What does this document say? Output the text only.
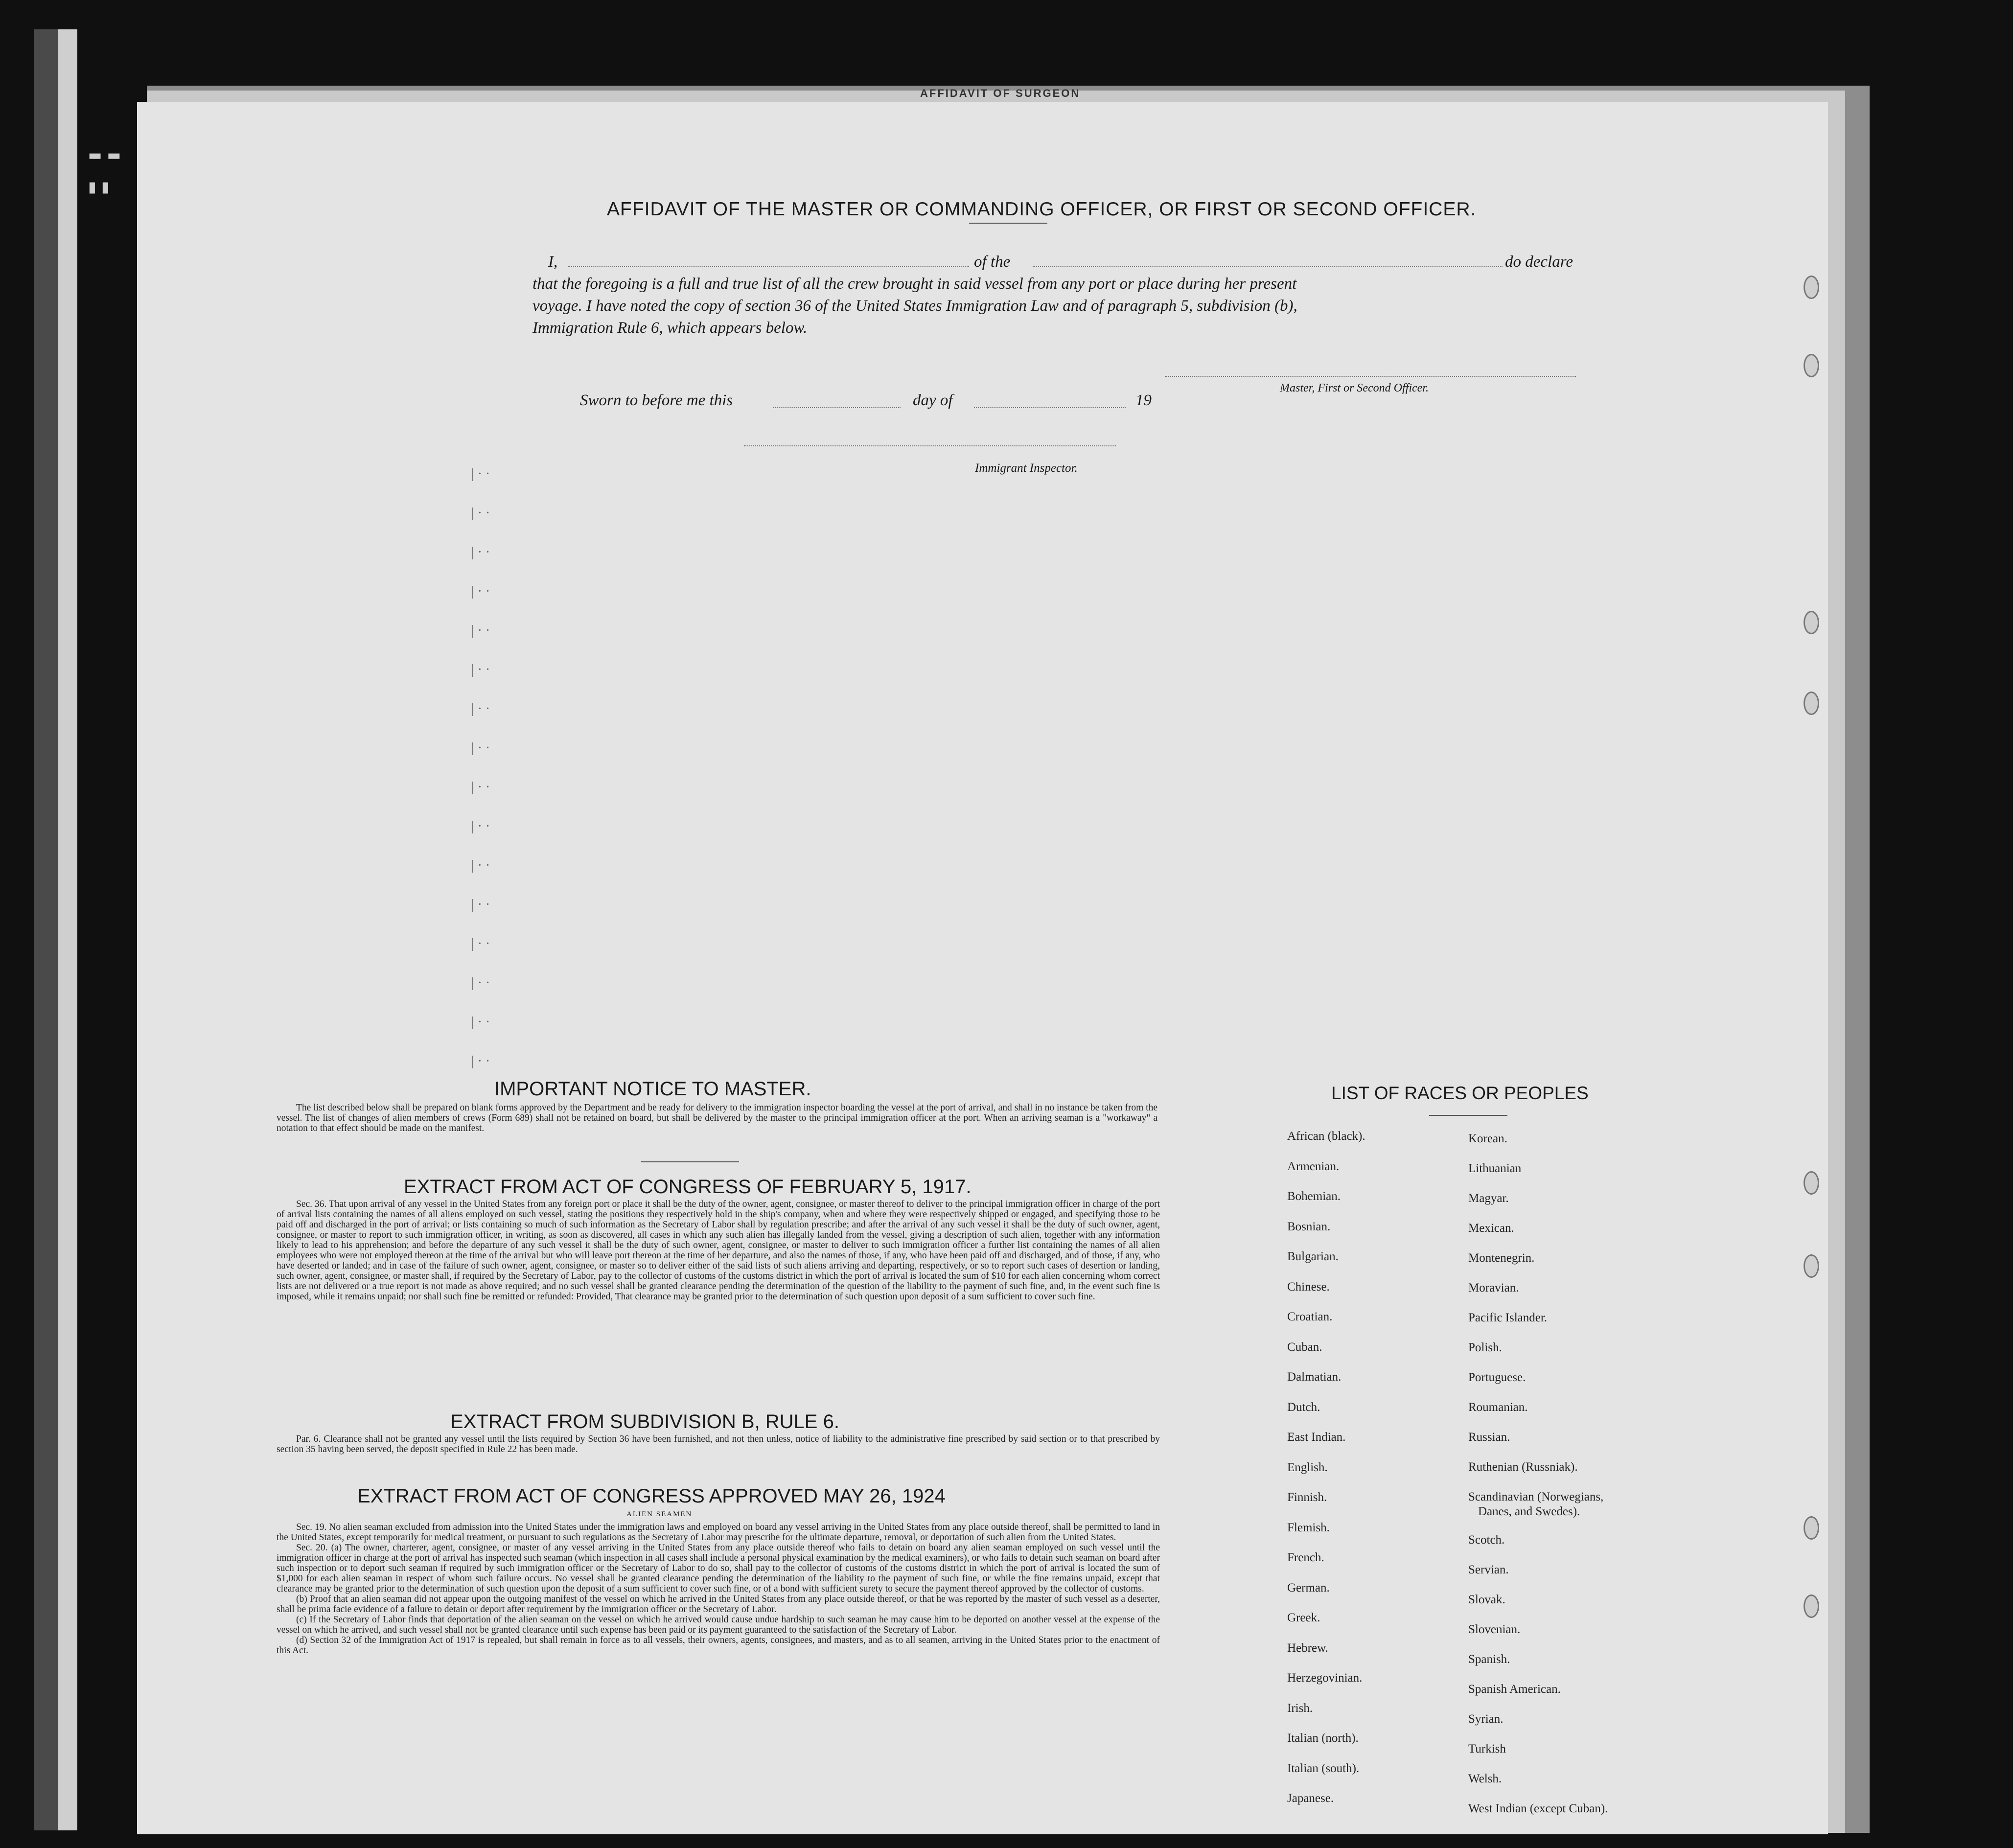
AFFIDAVIT OF SURGEON
▬ ▬
▮ ▮
AFFIDAVIT OF THE MASTER OR COMMANDING OFFICER, OR FIRST OR SECOND OFFICER.
I,	of the	do declare
that the foregoing is a full and true list of all the crew brought in said vessel from any port or place during her present
voyage. I have noted the copy of section 36 of the United States Immigration Law and of paragraph 5, subdivision (b),
Immigration Rule 6, which appears below.
Master, First or Second Officer.
Sworn to before me this	day of	19
Immigrant Inspector.
| · ·
| · ·
| · ·
| · ·
| · ·
| · ·
| · ·
| · ·
| · ·
| · ·
| · ·
| · ·
| · ·
| · ·
| · ·
| · ·
IMPORTANT NOTICE TO MASTER.
The list described below shall be prepared on blank forms approved by the Department and be ready for delivery to the immigration inspector boarding the vessel at the port of arrival, and shall in no instance be taken from the vessel. The list of changes of alien members of crews (Form 689) shall not be retained on board, but shall be delivered by the master to the principal immigration officer at the port. When an arriving seaman is a "workaway" a notation to that effect should be made on the manifest.
EXTRACT FROM ACT OF CONGRESS OF FEBRUARY 5, 1917.
Sec. 36. That upon arrival of any vessel in the United States from any foreign port or place it shall be the duty of the owner, agent, consignee, or master thereof to deliver to the principal immigration officer in charge of the port of arrival lists containing the names of all aliens employed on such vessel, stating the positions they respectively hold in the ship's company, when and where they were respectively shipped or engaged, and specifying those to be paid off and discharged in the port of arrival; or lists containing so much of such information as the Secretary of Labor shall by regulation prescribe; and after the arrival of any such vessel it shall be the duty of such owner, agent, consignee, or master to report to such immigration officer, in writing, as soon as discovered, all cases in which any such alien has illegally landed from the vessel, giving a description of such alien, together with any information likely to lead to his apprehension; and before the departure of any such vessel it shall be the duty of such owner, agent, consignee, or master to deliver to such immigration officer a further list containing the names of all alien employees who were not employed thereon at the time of the arrival but who will leave port thereon at the time of her departure, and also the names of those, if any, who have been paid off and discharged, and of those, if any, who have deserted or landed; and in case of the failure of such owner, agent, consignee, or master so to deliver either of the said lists of such aliens arriving and departing, respectively, or so to report such cases of desertion or landing, such owner, agent, consignee, or master shall, if required by the Secretary of Labor, pay to the collector of customs of the customs district in which the port of arrival is located the sum of $10 for each alien concerning whom correct lists are not delivered or a true report is not made as above required; and no such vessel shall be granted clearance pending the determination of the question of the liability to the payment of such fine, and, in the event such fine is imposed, while it remains unpaid; nor shall such fine be remitted or refunded: Provided, That clearance may be granted prior to the determination of such question upon deposit of a sum sufficient to cover such fine.
EXTRACT FROM SUBDIVISION B, RULE 6.
Par. 6. Clearance shall not be granted any vessel until the lists required by Section 36 have been furnished, and not then unless, notice of liability to the administrative fine prescribed by said section or to that prescribed by section 35 having been served, the deposit specified in Rule 22 has been made.
EXTRACT FROM ACT OF CONGRESS APPROVED MAY 26, 1924
ALIEN SEAMEN
Sec. 19. No alien seaman excluded from admission into the United States under the immigration laws and employed on board any vessel arriving in the United States from any place outside thereof, shall be permitted to land in the United States, except temporarily for medical treatment, or pursuant to such regulations as the Secretary of Labor may prescribe for the ultimate departure, removal, or deportation of such alien from the United States.
Sec. 20. (a) The owner, charterer, agent, consignee, or master of any vessel arriving in the United States from any place outside thereof who fails to detain on board any alien seaman employed on such vessel until the immigration officer in charge at the port of arrival has inspected such seaman (which inspection in all cases shall include a personal physical examination by the medical examiners), or who fails to detain such seaman on board after such inspection or to deport such seaman if required by such immigration officer or the Secretary of Labor to do so, shall pay to the collector of customs of the customs district in which the port of arrival is located the sum of $1,000 for each alien seaman in respect of whom such failure occurs. No vessel shall be granted clearance pending the determination of the liability to the payment of such fine, or while the fine remains unpaid, except that clearance may be granted prior to the determination of such question upon the deposit of a sum sufficient to cover such fine, or of a bond with sufficient surety to secure the payment thereof approved by the collector of customs.
(b) Proof that an alien seaman did not appear upon the outgoing manifest of the vessel on which he arrived in the United States from any place outside thereof, or that he was reported by the master of such vessel as a deserter, shall be prima facie evidence of a failure to detain or deport after requirement by the immigration officer or the Secretary of Labor.
(c) If the Secretary of Labor finds that deportation of the alien seaman on the vessel on which he arrived would cause undue hardship to such seaman he may cause him to be deported on another vessel at the expense of the vessel on which he arrived, and such vessel shall not be granted clearance until such expense has been paid or its payment guaranteed to the satisfaction of the Secretary of Labor.
(d) Section 32 of the Immigration Act of 1917 is repealed, but shall remain in force as to all vessels, their owners, agents, consignees, and masters, and as to all seamen, arriving in the United States prior to the enactment of this Act.
LIST OF RACES OR PEOPLES
African (black).
Armenian.
Bohemian.
Bosnian.
Bulgarian.
Chinese.
Croatian.
Cuban.
Dalmatian.
Dutch.
East Indian.
English.
Finnish.
Flemish.
French.
German.
Greek.
Hebrew.
Herzegovinian.
Irish.
Italian (north).
Italian (south).
Japanese.
Korean.
Lithuanian
Magyar.
Mexican.
Montenegrin.
Moravian.
Pacific Islander.
Polish.
Portuguese.
Roumanian.
Russian.
Ruthenian (Russniak).
Scandinavian (Norwegians,
Danes, and Swedes).
Scotch.
Servian.
Slovak.
Slovenian.
Spanish.
Spanish American.
Syrian.
Turkish
Welsh.
West Indian (except Cuban).
